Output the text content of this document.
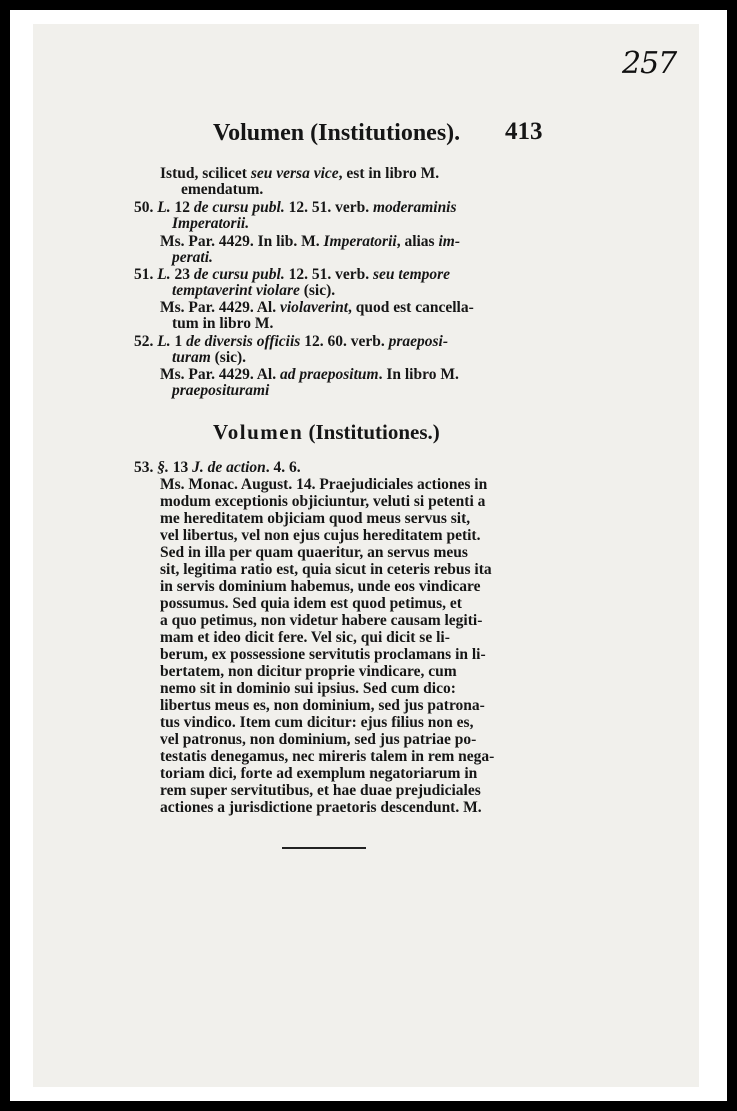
257
Volumen (Institutiones). 413
Istud, scilicet seu versa vice, est in libro M.
emendatum.
50. L. 12 de cursu publ. 12. 51. verb. moderaminis
Imperatorii.
Ms. Par. 4429. In lib. M. Imperatorii, alias im-
perati.
51. L. 23 de cursu publ. 12. 51. verb. seu tempore
temptaverint violare (sic).
Ms. Par. 4429. Al. violaverint, quod est cancella-
tum in libro M.
52. L. 1 de diversis officiis 12. 60. verb. praeposi-
turam (sic).
Ms. Par. 4429. Al. ad praepositum. In libro M.
praepositurami
Volumen (Institutiones.)
53. §. 13 J. de action. 4. 6.
Ms. Monac. August. 14. Praejudiciales actiones in
modum exceptionis objiciuntur, veluti si petenti a
me hereditatem objiciam quod meus servus sit,
vel libertus, vel non ejus cujus hereditatem petit.
Sed in illa per quam quaeritur, an servus meus
sit, legitima ratio est, quia sicut in ceteris rebus ita
in servis dominium habemus, unde eos vindicare
possumus. Sed quia idem est quod petimus, et
a quo petimus, non videtur habere causam legiti-
mam et ideo dicit fere. Vel sic, qui dicit se li-
berum, ex possessione servitutis proclamans in li-
bertatem, non dicitur proprie vindicare, cum
nemo sit in dominio sui ipsius. Sed cum dico:
libertus meus es, non dominium, sed jus patrona-
tus vindico. Item cum dicitur: ejus filius non es,
vel patronus, non dominium, sed jus patriae po-
testatis denegamus, nec mireris talem in rem nega-
toriam dici, forte ad exemplum negatoriarum in
rem super servitutibus, et hae duae prejudiciales
actiones a jurisdictione praetoris descendunt. M.
